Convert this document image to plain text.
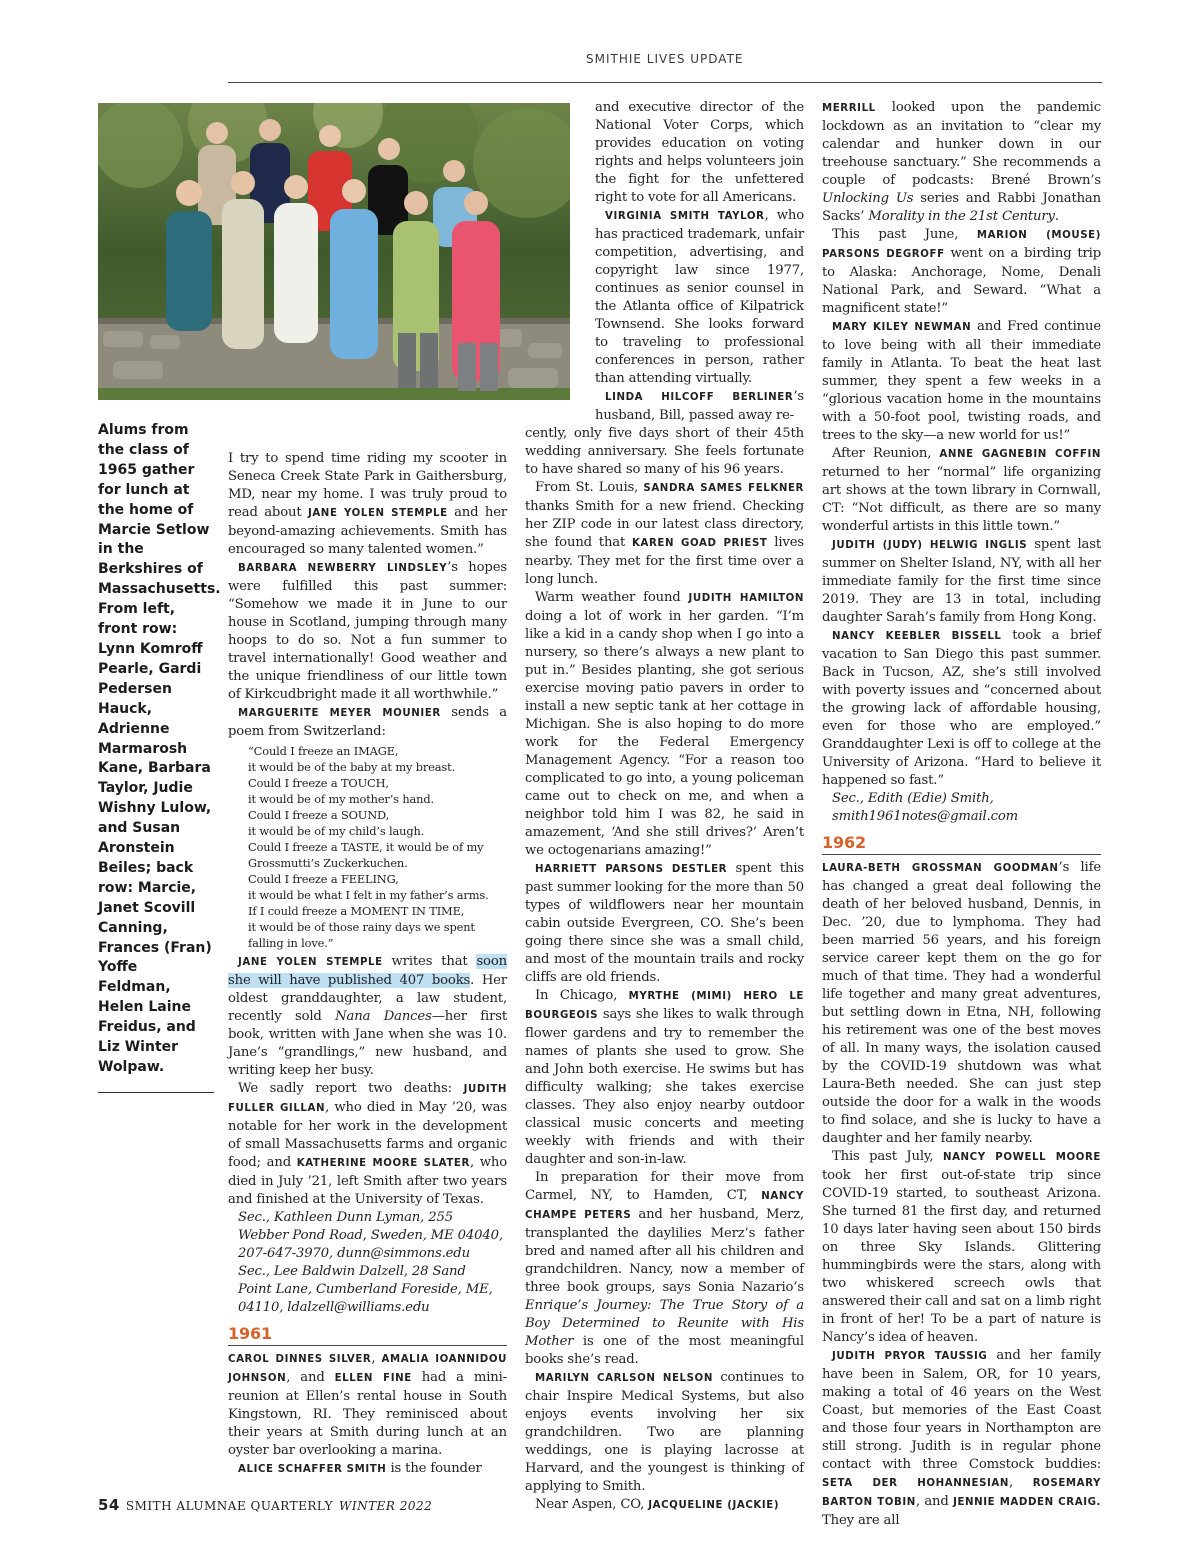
SMITHIE LIVES UPDATE
Alums from the class of 1965 gather for lunch at the home of Marcie Setlow in the Berkshires of Massachusetts. From left, front row: Lynn Komroff Pearle, Gardi Pedersen Hauck, Adrienne Marmarosh Kane, Barbara Taylor, Judie Wishny Lulow, and Susan Aronstein Beiles; back row: Marcie, Janet Scovill Canning, Frances (Fran) Yoffe Feldman, Helen Laine Freidus, and Liz Winter Wolpaw.

I try to spend time riding my scooter in Seneca Creek State Park in Gaithersburg, MD, near my home. I was truly proud to read about JANE YOLEN STEMPLE and her beyond-amazing achievements. Smith has encouraged so many talented women.”

BARBARA NEWBERRY LINDSLEY’s hopes were fulfilled this past summer: “Somehow we made it in June to our house in Scotland, jumping through many hoops to do so. Not a fun summer to travel internationally! Good weather and the unique friendliness of our little town of Kirkcudbright made it all worthwhile.”

MARGUERITE MEYER MOUNIER sends a poem from Switzerland:

“Could I freeze an IMAGE,
it would be of the baby at my breast.
Could I freeze a TOUCH,
it would be of my mother’s hand.
Could I freeze a SOUND,
it would be of my child’s laugh.
Could I freeze a TASTE, it would be of my
Grossmutti’s Zuckerkuchen.
Could I freeze a FEELING,
it would be what I felt in my father’s arms.
If I could freeze a MOMENT IN TIME,
it would be of those rainy days we spent
falling in love.”

JANE YOLEN STEMPLE writes that soon she will have published 407 books. Her oldest granddaughter, a law student, recently sold Nana Dances—her first book, written with Jane when she was 10. Jane’s “grandlings,” new husband, and writing keep her busy.

We sadly report two deaths: JUDITH FULLER GILLAN, who died in May ’20, was notable for her work in the development of small Massachusetts farms and organic food; and KATHERINE MOORE SLATER, who died in July ’21, left Smith after two years and finished at the University of Texas.

Sec., Kathleen Dunn Lyman, 255
Webber Pond Road, Sweden, ME 04040,
207-647-3970, dunn@simmons.edu
Sec., Lee Baldwin Dalzell, 28 Sand
Point Lane, Cumberland Foreside, ME,
04110, ldalzell@williams.edu
1961

CAROL DINNES SILVER, AMALIA IOANNIDOU JOHNSON, and ELLEN FINE had a mini-reunion at Ellen’s rental house in South Kingstown, RI. They reminisced about their years at Smith during lunch at an oyster bar overlooking a marina.

ALICE SCHAFFER SMITH is the founder

and executive director of the National Voter Corps, which provides education on voting rights and helps volunteers join the fight for the unfettered right to vote for all Americans.

VIRGINIA SMITH TAYLOR, who has practiced trademark, unfair competition, advertising, and copyright law since 1977, continues as senior counsel in the Atlanta office of Kilpatrick Townsend. She looks forward to traveling to professional conferences in person, rather than attending virtually.

LINDA HILCOFF BERLINER’s husband, Bill, passed away re-

cently, only five days short of their 45th wedding anniversary. She feels fortunate to have shared so many of his 96 years.

From St. Louis, SANDRA SAMES FELKNER thanks Smith for a new friend. Checking her ZIP code in our latest class directory, she found that KAREN GOAD PRIEST lives nearby. They met for the first time over a long lunch.

Warm weather found JUDITH HAMILTON doing a lot of work in her garden. “I’m like a kid in a candy shop when I go into a nursery, so there’s always a new plant to put in.” Besides planting, she got serious exercise moving patio pavers in order to install a new septic tank at her cottage in Michigan. She is also hoping to do more work for the Federal Emergency Management Agency. “For a reason too complicated to go into, a young policeman came out to check on me, and when a neighbor told him I was 82, he said in amazement, ‘And she still drives?’ Aren’t we octogenarians amazing!”

HARRIETT PARSONS DESTLER spent this past summer looking for the more than 50 types of wildflowers near her mountain cabin outside Evergreen, CO. She’s been going there since she was a small child, and most of the mountain trails and rocky cliffs are old friends.

In Chicago, MYRTHE (MIMI) HERO LE BOURGEOIS says she likes to walk through flower gardens and try to remember the names of plants she used to grow. She and John both exercise. He swims but has difficulty walking; she takes exercise classes. They also enjoy nearby outdoor classical music concerts and meeting weekly with friends and with their daughter and son-in-law.

In preparation for their move from Carmel, NY, to Hamden, CT, NANCY CHAMPE PETERS and her husband, Merz, transplanted the daylilies Merz’s father bred and named after all his children and grandchildren. Nancy, now a member of three book groups, says Sonia Nazario’s Enrique’s Journey: The True Story of a Boy Determined to Reunite with His Mother is one of the most meaningful books she’s read.

MARILYN CARLSON NELSON continues to chair Inspire Medical Systems, but also enjoys events involving her six grandchildren. Two are planning weddings, one is playing lacrosse at Harvard, and the youngest is thinking of applying to Smith.

Near Aspen, CO, JACQUELINE (JACKIE)

MERRILL looked upon the pandemic lockdown as an invitation to “clear my calendar and hunker down in our treehouse sanctuary.” She recommends a couple of podcasts: Brené Brown’s Unlocking Us series and Rabbi Jonathan Sacks’ Morality in the 21st Century.

This past June, MARION (MOUSE) PARSONS DEGROFF went on a birding trip to Alaska: Anchorage, Nome, Denali National Park, and Seward. “What a magnificent state!”

MARY KILEY NEWMAN and Fred continue to love being with all their immediate family in Atlanta. To beat the heat last summer, they spent a few weeks in a “glorious vacation home in the mountains with a 50-foot pool, twisting roads, and trees to the sky—a new world for us!”

After Reunion, ANNE GAGNEBIN COFFIN returned to her “normal” life organizing art shows at the town library in Cornwall, CT: “Not difficult, as there are so many wonderful artists in this little town.”

JUDITH (JUDY) HELWIG INGLIS spent last summer on Shelter Island, NY, with all her immediate family for the first time since 2019. They are 13 in total, including daughter Sarah’s family from Hong Kong.

NANCY KEEBLER BISSELL took a brief vacation to San Diego this past summer. Back in Tucson, AZ, she’s still involved with poverty issues and “concerned about the growing lack of affordable housing, even for those who are employed.” Granddaughter Lexi is off to college at the University of Arizona. “Hard to believe it happened so fast.”

Sec., Edith (Edie) Smith,
smith1961notes@gmail.com
1962

LAURA-BETH GROSSMAN GOODMAN’s life has changed a great deal following the death of her beloved husband, Dennis, in Dec. ’20, due to lymphoma. They had been married 56 years, and his foreign service career kept them on the go for much of that time. They had a wonderful life together and many great adventures, but settling down in Etna, NH, following his retirement was one of the best moves of all. In many ways, the isolation caused by the COVID-19 shutdown was what Laura-Beth needed. She can just step outside the door for a walk in the woods to find solace, and she is lucky to have a daughter and her family nearby.

This past July, NANCY POWELL MOORE took her first out-of-state trip since COVID-19 started, to southeast Arizona. She turned 81 the first day, and returned 10 days later having seen about 150 birds on three Sky Islands. Glittering hummingbirds were the stars, along with two whiskered screech owls that answered their call and sat on a limb right in front of her! To be a part of nature is Nancy’s idea of heaven.

JUDITH PRYOR TAUSSIG and her family have been in Salem, OR, for 10 years, making a total of 46 years on the West Coast, but memories of the East Coast and those four years in Northampton are still strong. Judith is in regular phone contact with three Comstock buddies: SETA DER HOHANNESIAN, ROSEMARY BARTON TOBIN, and JENNIE MADDEN CRAIG. They are all

54 SMITH ALUMNAE QUARTERLY WINTER 2022
